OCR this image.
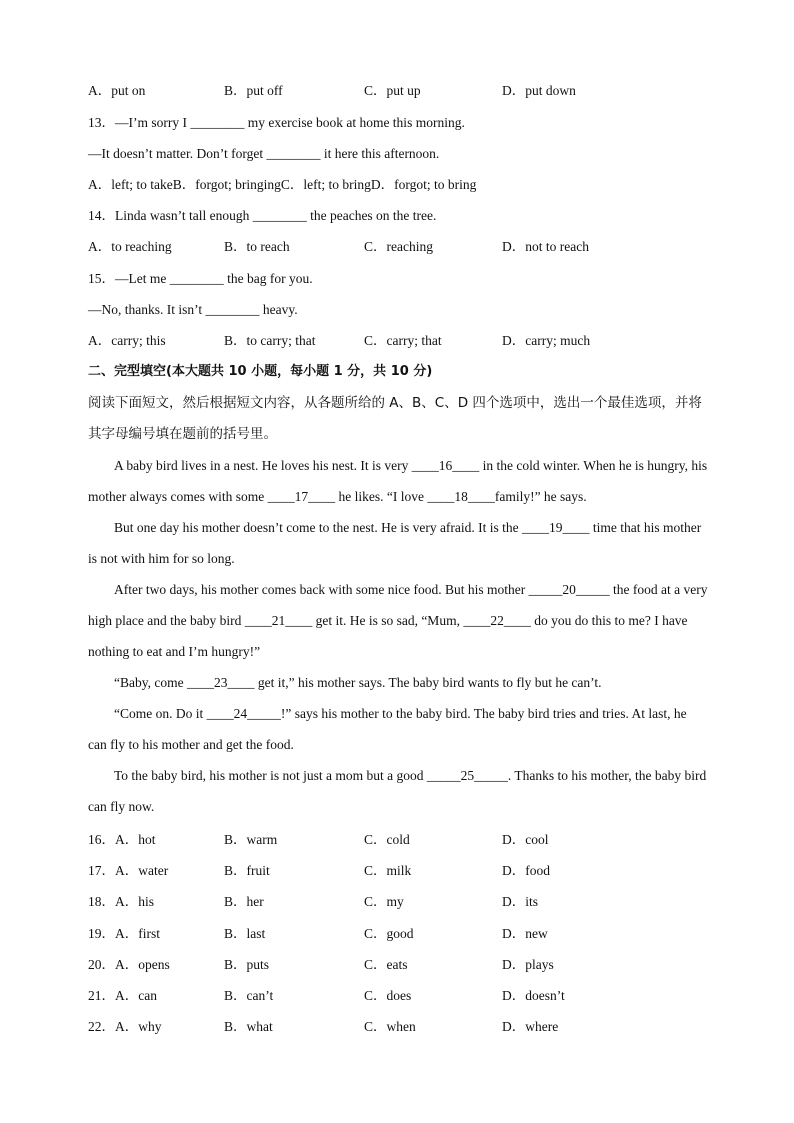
A．put on	B．put off	C．put up	D．put down
13．—I’m sorry I ________ my exercise book at home this morning.
—It doesn’t matter. Don’t forget ________ it here this afternoon.
A．left; to takeB．forgot; bringingC．left; to bringD．forgot; to bring
14．Linda wasn’t tall enough ________ the peaches on the tree.
A．to reaching	B．to reach	C．reaching	D．not to reach
15．—Let me ________ the bag for you.
—No, thanks. It isn’t ________ heavy.
A．carry; this	B．to carry; that	C．carry; that	D．carry; much
二、完型填空(本大题共 10 小题，每小题 1 分，共 10 分)
阅读下面短文，然后根据短文内容，从各题所给的 A、B、C、D 四个选项中，选出一个最佳选项，并将其字母编号填在题前的括号里。
A baby bird lives in a nest. He loves his nest. It is very ____16____ in the cold winter. When he is hungry, his mother always comes with some ____17____ he likes. “I love ____18____family!” he says.
But one day his mother doesn’t come to the nest. He is very afraid. It is the ____19____ time that his mother is not with him for so long.
After two days, his mother comes back with some nice food. But his mother _____20_____ the food at a very high place and the baby bird ____21____ get it. He is so sad, “Mum, ____22____ do you do this to me? I have nothing to eat and I’m hungry!”
“Baby, come ____23____ get it,” his mother says. The baby bird wants to fly but he can’t.
“Come on. Do it ____24_____!” says his mother to the baby bird. The baby bird tries and tries. At last, he can fly to his mother and get the food.
To the baby bird, his mother is not just a mom but a good _____25_____. Thanks to his mother, the baby bird can fly now.
16．A．hot	B．warm	C．cold	D．cool
17．A．water	B．fruit	C．milk	D．food
18．A．his	B．her	C．my	D．its
19．A．first	B．last	C．good	D．new
20．A．opens	B．puts	C．eats	D．plays
21．A．can	B．can’t	C．does	D．doesn’t
22．A．why	B．what	C．when	D．where
